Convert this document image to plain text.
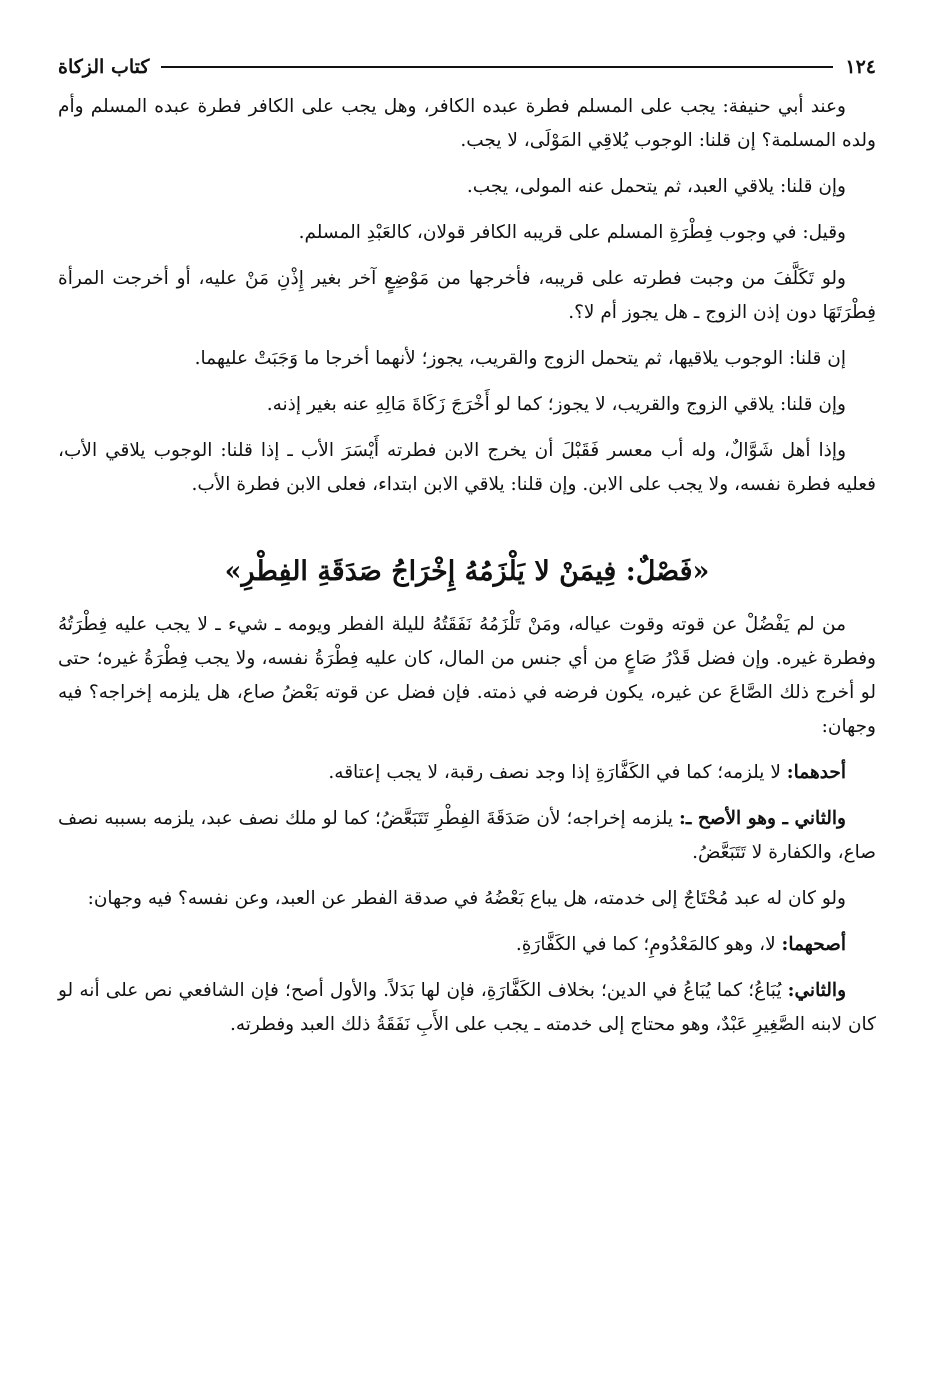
كتاب الزكاة	١٢٤

وعند أبي حنيفة: يجب على المسلم فطرة عبده الكافر، وهل يجب على الكافر فطرة عبده المسلم وأم ولده المسلمة؟ إن قلنا: الوجوب يُلاقِي المَوْلَى، لا يجب.

وإن قلنا: يلاقي العبد، ثم يتحمل عنه المولى، يجب.

وقيل: في وجوب فِطْرَةِ المسلم على قريبه الكافر قولان، كالعَبْدِ المسلم.

ولو تَكَلَّفَ من وجبت فطرته على قريبه، فأخرجها من مَوْضِعٍ آخر بغير إِذْنِ مَنْ عليه، أو أخرجت المرأة فِطْرَتَهَا دون إذن الزوج ـ هل يجوز أم لا؟.

إن قلنا: الوجوب يلاقيها، ثم يتحمل الزوج والقريب، يجوز؛ لأنهما أخرجا ما وَجَبَتْ عليهما.

وإن قلنا: يلاقي الزوج والقريب، لا يجوز؛ كما لو أَخْرَجَ زَكَاةَ مَالِهِ عنه بغير إذنه.

وإذا أهل شَوَّالٌ، وله أب معسر فَقَبْلَ أن يخرج الابن فطرته أَيْسَرَ الأب ـ إذا قلنا: الوجوب يلاقي الأب، فعليه فطرة نفسه، ولا يجب على الابن. وإن قلنا: يلاقي الابن ابتداء، فعلى الابن فطرة الأب.

«فَصْلٌ: فِيمَنْ لا يَلْزَمُهُ إِخْرَاجُ صَدَقَةِ الفِطْرِ»

من لم يَفْضُلْ عن قوته وقوت عياله، ومَنْ تَلْزَمُهُ نَفَقَتُهُ لليلة الفطر ويومه ـ شيء ـ لا يجب عليه فِطْرَتُهُ وفطرة غيره. وإن فضل قَدْرُ صَاعٍ من أي جنس من المال، كان عليه فِطْرَةُ نفسه، ولا يجب فِطْرَةُ غيره؛ حتى لو أخرج ذلك الصَّاعَ عن غيره، يكون فرضه في ذمته. فإن فضل عن قوته بَعْضُ صاع، هل يلزمه إخراجه؟ فيه وجهان:

أحدهما: لا يلزمه؛ كما في الكَفَّارَةِ إذا وجد نصف رقبة، لا يجب إعتاقه.

والثاني ـ وهو الأصح ـ: يلزمه إخراجه؛ لأن صَدَقَةَ الفِطْرِ تَتَبَعَّضُ؛ كما لو ملك نصف عبد، يلزمه بسببه نصف صاع، والكفارة لا تَتَبَعَّضُ.

ولو كان له عبد مُحْتَاجٌ إلى خدمته، هل يباع بَعْضُهُ في صدقة الفطر عن العبد، وعن نفسه؟ فيه وجهان:

أصحهما: لا، وهو كالمَعْدُومِ؛ كما في الكَفَّارَةِ.

والثاني: يُبَاعُ؛ كما يُبَاعُ في الدين؛ بخلاف الكَفَّارَةِ، فإن لها بَدَلاً. والأول أصح؛ فإن الشافعي نص على أنه لو كان لابنه الصَّغِيرِ عَبْدٌ، وهو محتاج إلى خدمته ـ يجب على الأَبِ نَفَقَةُ ذلك العبد وفطرته.
